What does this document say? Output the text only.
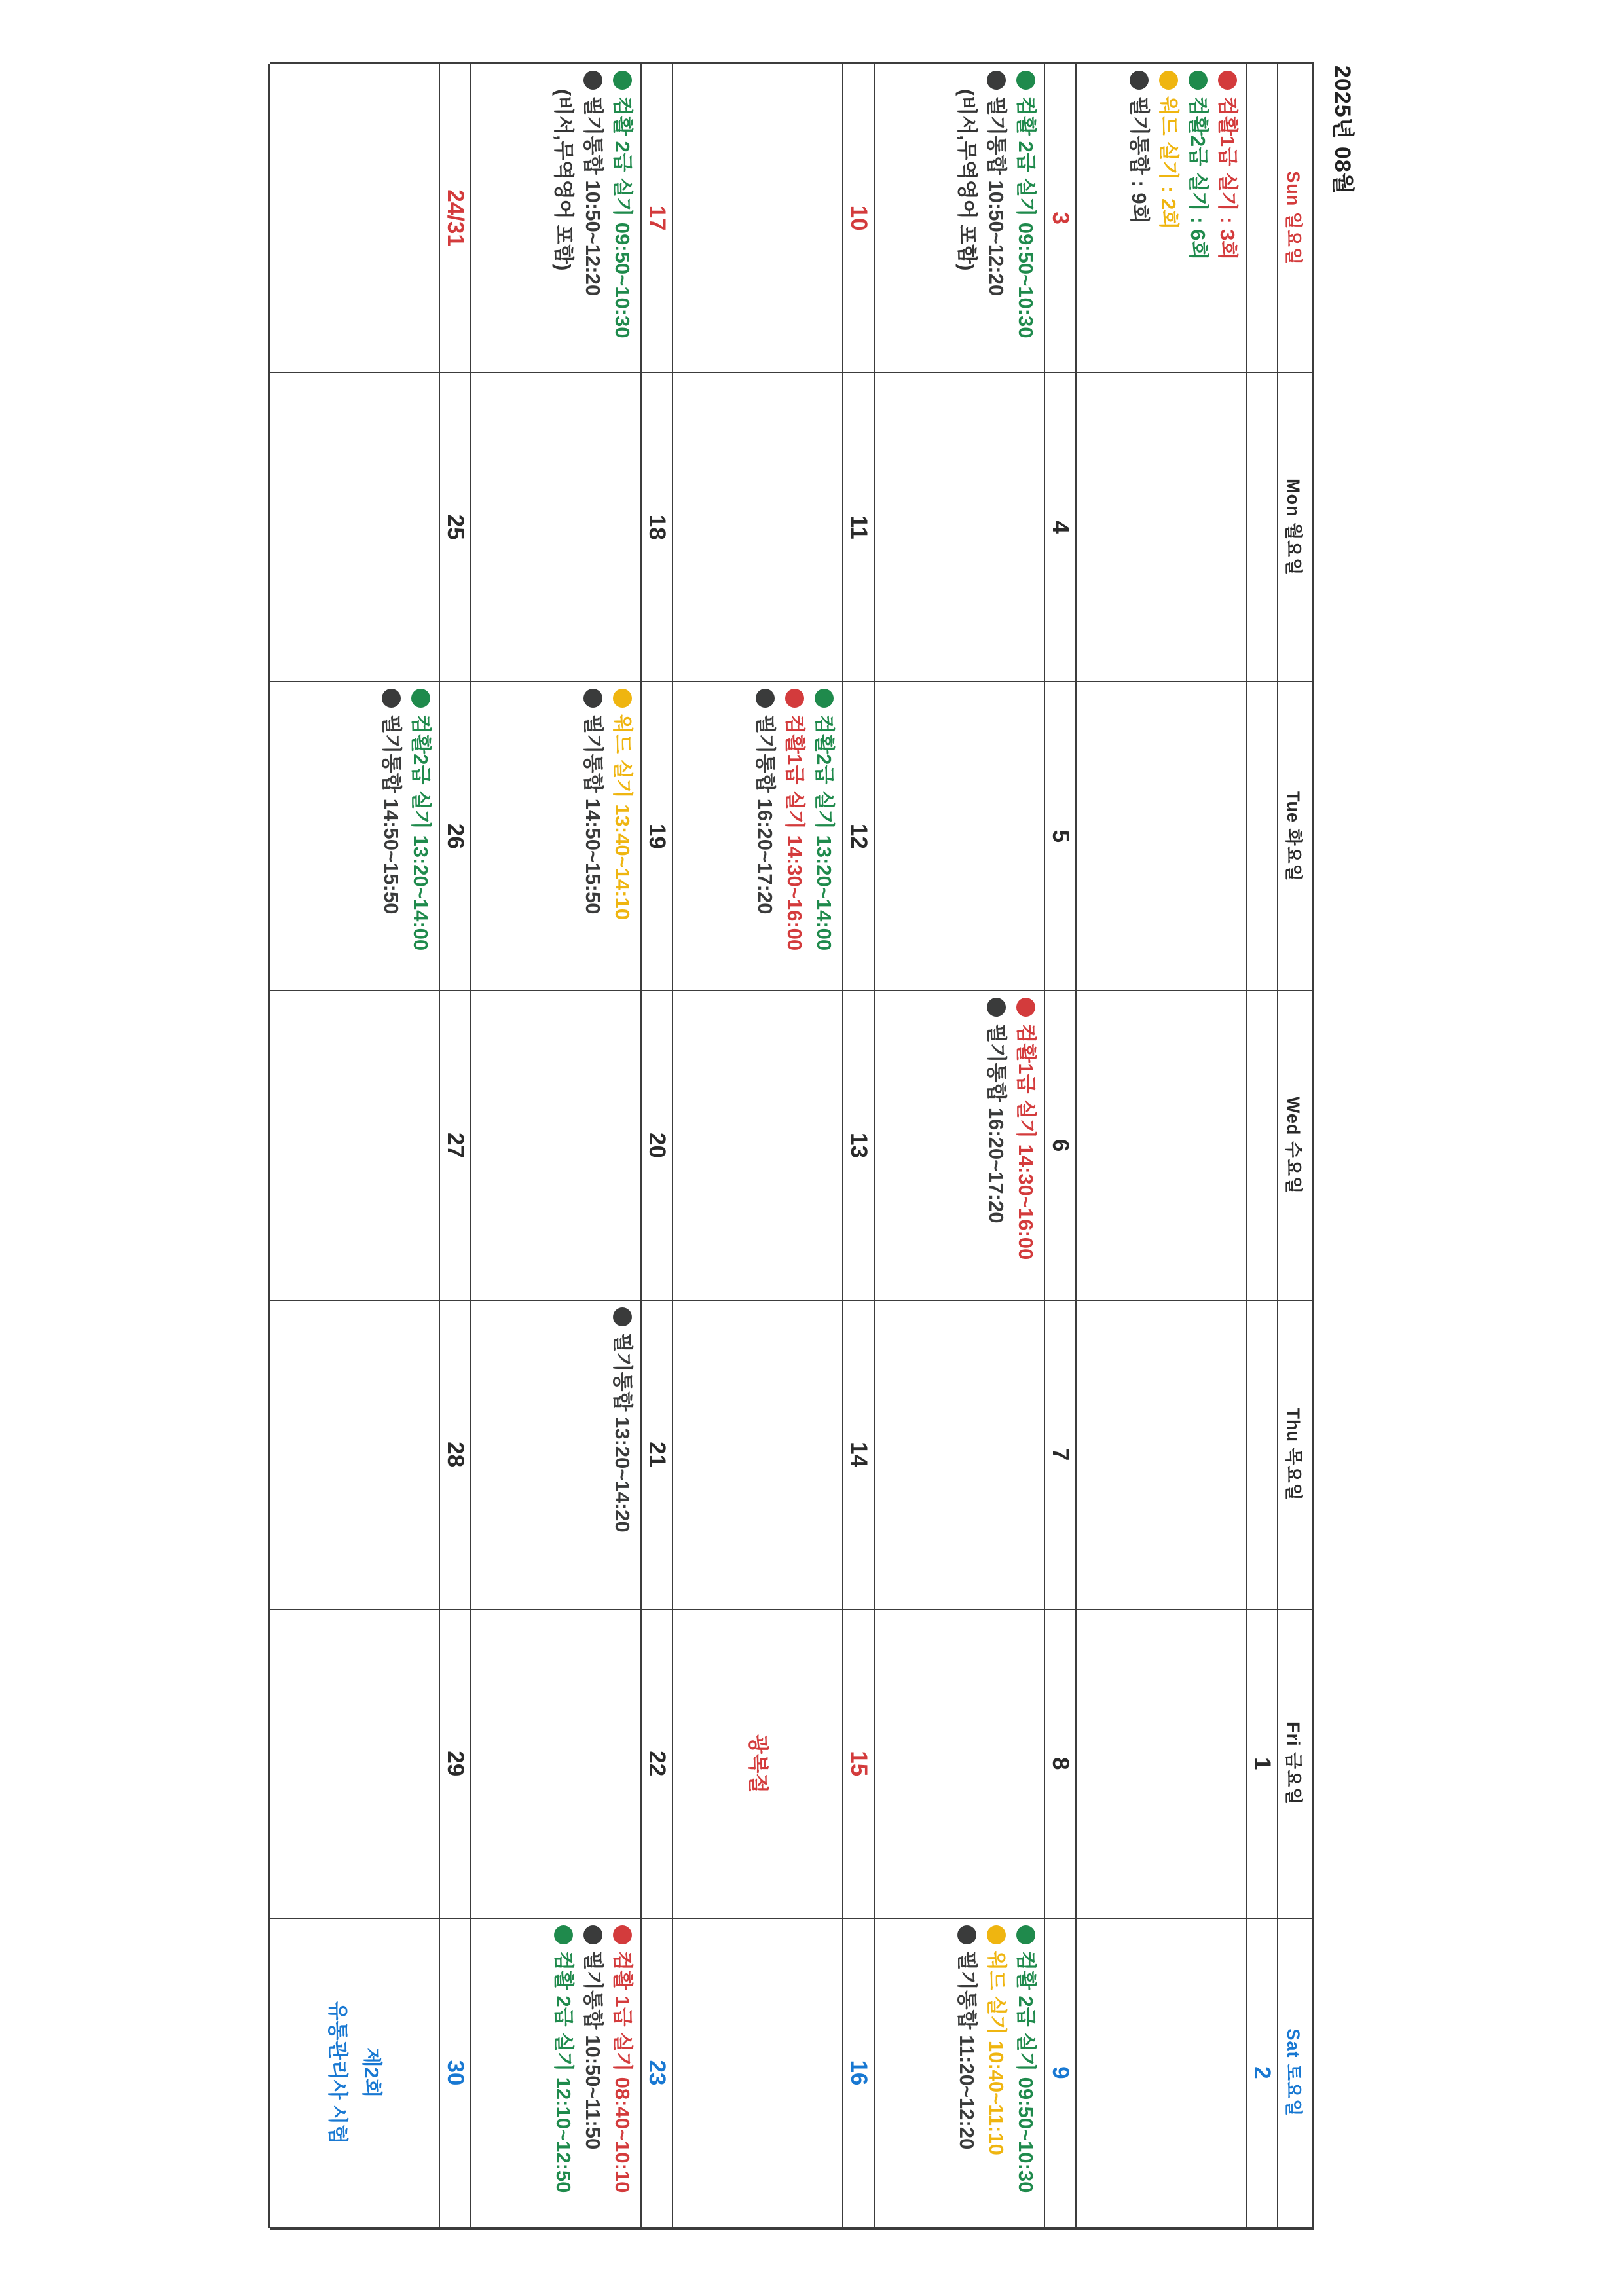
2025년 08월
Sun 일요일
Mon 월요일
Tue 화요일
Wed 수요일
Thu 목요일
Fri 금요일
Sat 토요일
1
2
컴활1급 실기 : 3회
컴활2급 실기 : 6회
워드 실기 : 2회
필기통합 : 9회
3
4
5
6
7
8
9
컴활 2급 실기 09:50~10:30
필기통합 10:50~12:20
(비서,무역영어 포함)
컴활1급 실기 14:30~16:00
필기통합 16:20~17:20
컴활 2급 실기 09:50~10:30
워드 실기 10:40~11:10
필기통합 11:20~12:20
10
11
12
13
14
15
16
컴활2급 실기 13:20~14:00
컴활1급 실기 14:30~16:00
필기통합 16:20~17:20
광복절
17
18
19
20
21
22
23
컴활 2급 실기 09:50~10:30
필기통합 10:50~12:20
(비서,무역영어 포함)
워드 실기 13:40~14:10
필기통합 14:50~15:50
필기통합 13:20~14:20
컴활 1급 실기 08:40~10:10
필기통합 10:50~11:50
컴활 2급 실기 12:10~12:50
24/31
25
26
27
28
29
30
컴활2급 실기 13:20~14:00
필기통합 14:50~15:50
제2회
유통관리사 시험
